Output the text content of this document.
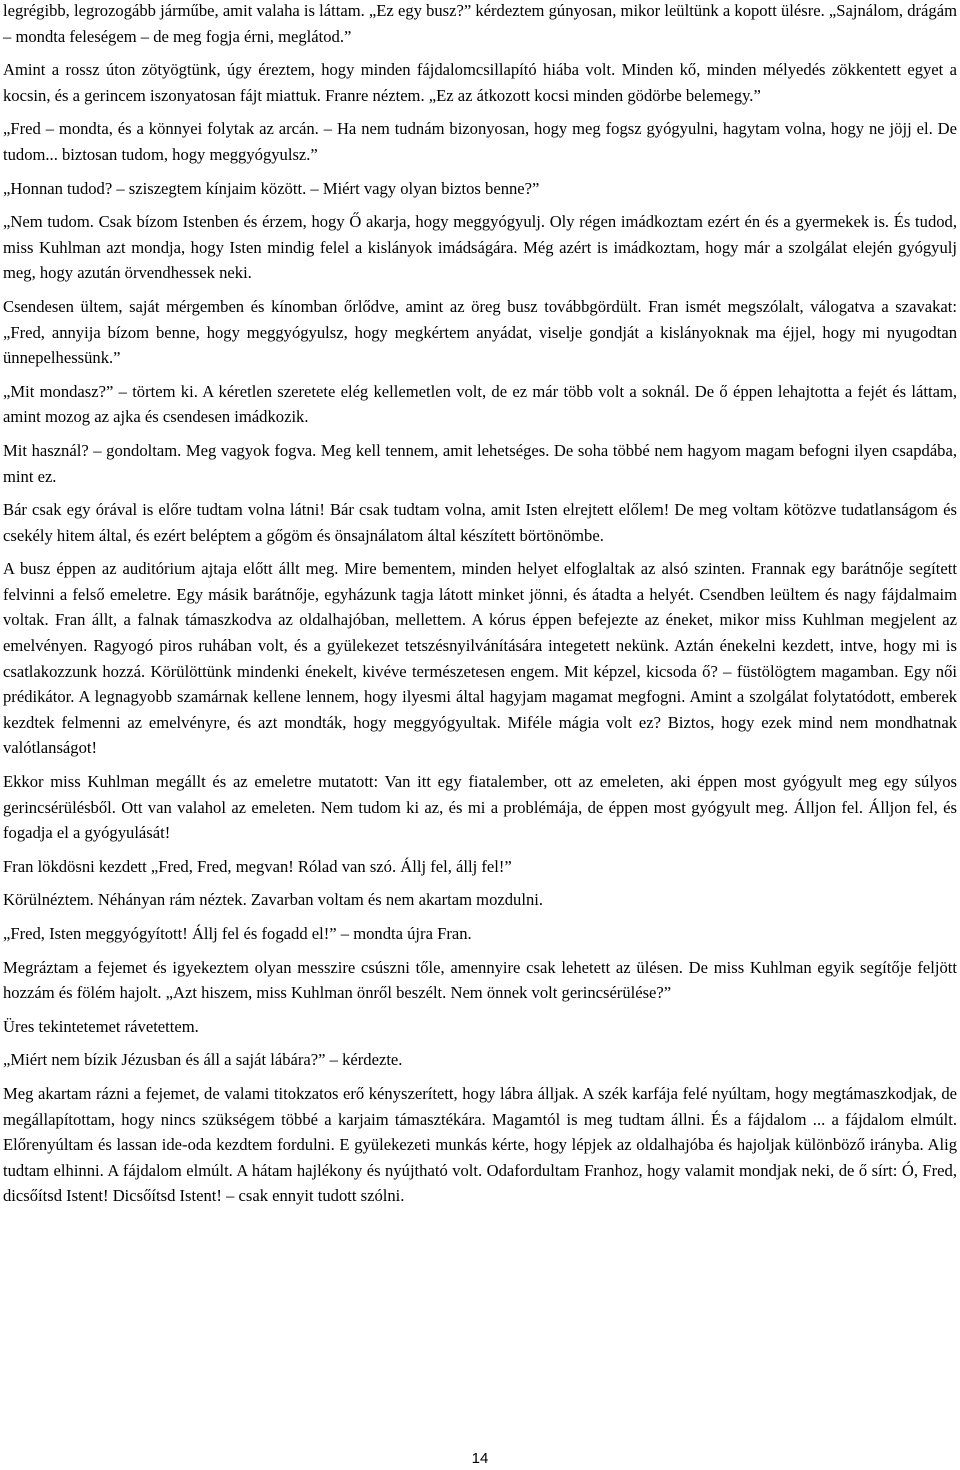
legrégibb, legrozogább járműbe, amit valaha is láttam. „Ez egy busz?” kérdeztem gúnyosan, mikor leültünk a kopott ülésre. „Sajnálom, drágám – mondta feleségem – de meg fogja érni, meglátod.”

Amint a rossz úton zötyögtünk, úgy éreztem, hogy minden fájdalomcsillapító hiába volt. Minden kő, minden mélyedés zökkentett egyet a kocsin, és a gerincem iszonyatosan fájt miattuk. Franre néztem. „Ez az átkozott kocsi minden gödörbe belemegy.”

„Fred – mondta, és a könnyei folytak az arcán. – Ha nem tudnám bizonyosan, hogy meg fogsz gyógyulni, hagytam volna, hogy ne jöjj el. De tudom... biztosan tudom, hogy meggyógyulsz.”

„Honnan tudod? – sziszegtem kínjaim között. – Miért vagy olyan biztos benne?”

„Nem tudom. Csak bízom Istenben és érzem, hogy Ő akarja, hogy meggyógyulj. Oly régen imádkoztam ezért én és a gyermekek is. És tudod, miss Kuhlman azt mondja, hogy Isten mindig felel a kislányok imádságára. Még azért is imádkoztam, hogy már a szolgálat elején gyógyulj meg, hogy azután örvendhessek neki.

Csendesen ültem, saját mérgemben és kínomban őrlődve, amint az öreg busz továbbgördült. Fran ismét megszólalt, válogatva a szavakat: „Fred, annyija bízom benne, hogy meggyógyulsz, hogy megkértem anyádat, viselje gondját a kislányoknak ma éjjel, hogy mi nyugodtan ünnepelhessünk.”

„Mit mondasz?” – törtem ki. A kéretlen szeretete elég kellemetlen volt, de ez már több volt a soknál. De ő éppen lehajtotta a fejét és láttam, amint mozog az ajka és csendesen imádkozik.

Mit használ? – gondoltam. Meg vagyok fogva. Meg kell tennem, amit lehetséges. De soha többé nem hagyom magam befogni ilyen csapdába, mint ez.

Bár csak egy órával is előre tudtam volna látni! Bár csak tudtam volna, amit Isten elrejtett előlem! De meg voltam kötözve tudatlanságom és csekély hitem által, és ezért beléptem a gőgöm és önsajnálatom által készített börtönömbe.

A busz éppen az auditórium ajtaja előtt állt meg. Mire bementem, minden helyet elfoglaltak az alsó szinten. Frannak egy barátnője segített felvinni a felső emeletre. Egy másik barátnője, egyházunk tagja látott minket jönni, és átadta a helyét. Csendben leültem és nagy fájdalmaim voltak. Fran állt, a falnak támaszkodva az oldalhajóban, mellettem. A kórus éppen befejezte az éneket, mikor miss Kuhlman megjelent az emelvényen. Ragyogó piros ruhában volt, és a gyülekezet tetszésnyilvánítására integetett nekünk. Aztán énekelni kezdett, intve, hogy mi is csatlakozzunk hozzá. Körülöttünk mindenki énekelt, kivéve természetesen engem. Mit képzel, kicsoda ő? – füstölögtem magamban. Egy női prédikátor. A legnagyobb szamárnak kellene lennem, hogy ilyesmi által hagyjam magamat megfogni. Amint a szolgálat folytatódott, emberek kezdtek felmenni az emelvényre, és azt mondták, hogy meggyógyultak. Miféle mágia volt ez? Biztos, hogy ezek mind nem mondhatnak valótlanságot!

Ekkor miss Kuhlman megállt és az emeletre mutatott: Van itt egy fiatalember, ott az emeleten, aki éppen most gyógyult meg egy súlyos gerincsérülésből. Ott van valahol az emeleten. Nem tudom ki az, és mi a problémája, de éppen most gyógyult meg. Álljon fel. Álljon fel, és fogadja el a gyógyulását!

Fran lökdösni kezdett „Fred, Fred, megvan! Rólad van szó. Állj fel, állj fel!”

Körülnéztem. Néhányan rám néztek. Zavarban voltam és nem akartam mozdulni.

„Fred, Isten meggyógyított! Állj fel és fogadd el!” – mondta újra Fran.

Megráztam a fejemet és igyekeztem olyan messzire csúszni tőle, amennyire csak lehetett az ülésen. De miss Kuhlman egyik segítője feljött hozzám és fölém hajolt. „Azt hiszem, miss Kuhlman önről beszélt. Nem önnek volt gerincsérülése?”

Üres tekintetemet rávetettem.

„Miért nem bízik Jézusban és áll a saját lábára?” – kérdezte.

Meg akartam rázni a fejemet, de valami titokzatos erő kényszerített, hogy lábra álljak. A szék karfája felé nyúltam, hogy megtámaszkodjak, de megállapítottam, hogy nincs szükségem többé a karjaim támasztékára. Magamtól is meg tudtam állni. És a fájdalom ... a fájdalom elmúlt. Előrenyúltam és lassan ide-oda kezdtem fordulni. E gyülekezeti munkás kérte, hogy lépjek az oldalhajóba és hajoljak különböző irányba. Alig tudtam elhinni. A fájdalom elmúlt. A hátam hajlékony és nyújtható volt. Odafordultam Franhoz, hogy valamit mondjak neki, de ő sírt: Ó, Fred, dicsőítsd Istent! Dicsőítsd Istent! – csak ennyit tudott szólni.

14
